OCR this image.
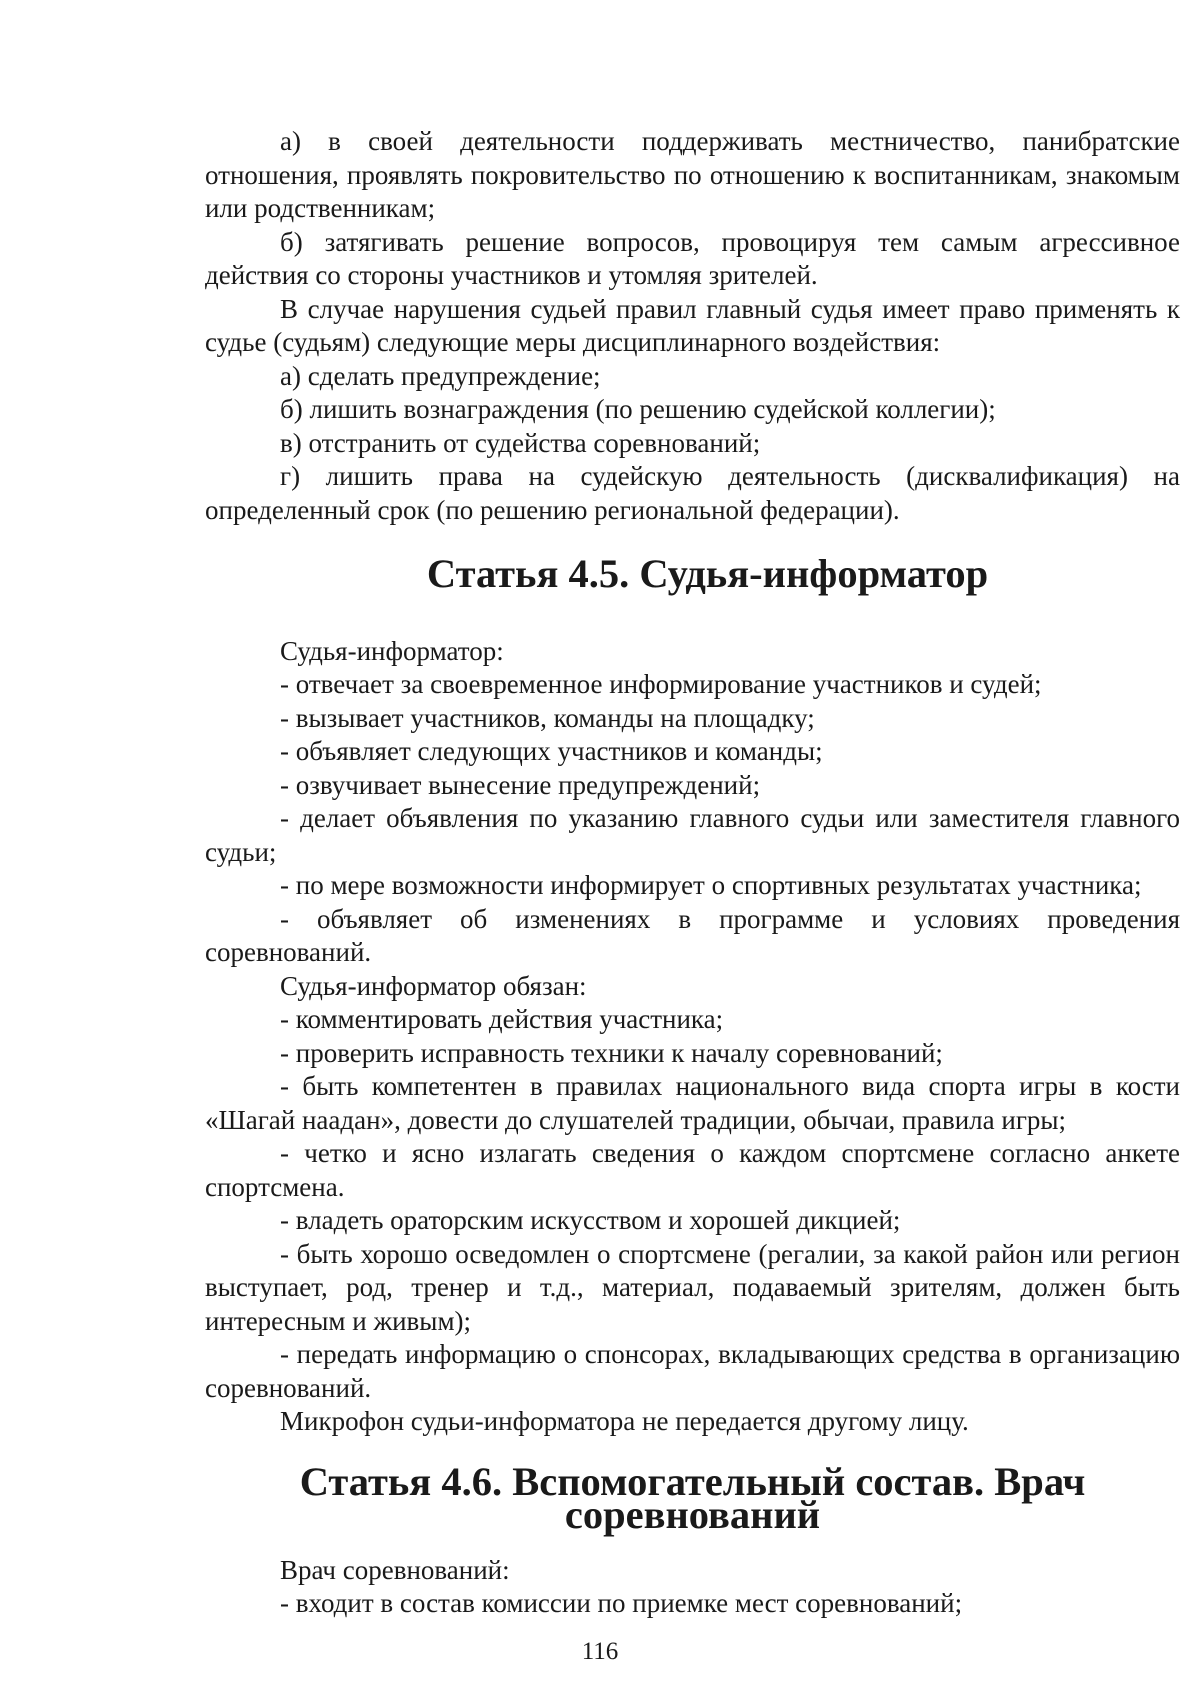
а) в своей деятельности поддерживать местничество, панибратские отношения, проявлять покровительство по отношению к воспитанникам, знакомым или родственникам;

б) затягивать решение вопросов, провоцируя тем самым агрессивное действия со стороны участников и утомляя зрителей.

В случае нарушения судьей правил главный судья имеет право применять к судье (судьям) следующие меры дисциплинарного воздействия:

а) сделать предупреждение;

б) лишить вознаграждения (по решению судейской коллегии);

в) отстранить от судейства соревнований;

г) лишить права на судейскую деятельность (дисквалификация) на определенный срок (по решению региональной федерации).

Статья 4.5. Судья-информатор

Судья-информатор:

- отвечает за своевременное информирование участников и судей;

- вызывает участников, команды на площадку;

- объявляет следующих участников и команды;

- озвучивает вынесение предупреждений;

- делает объявления по указанию главного судьи или заместителя главного судьи;

- по мере возможности информирует о спортивных результатах участника;

- объявляет об изменениях в программе и условиях проведения соревнований.

Судья-информатор обязан:

- комментировать действия участника;

- проверить исправность техники к началу соревнований;

- быть компетентен в правилах национального вида спорта игры в кости «Шагай наадан», довести до слушателей традиции, обычаи, правила игры;

- четко и ясно излагать сведения о каждом спортсмене согласно анкете спортсмена.

- владеть ораторским искусством и хорошей дикцией;

- быть хорошо осведомлен о спортсмене (регалии, за какой район или регион выступает, род, тренер и т.д., материал, подаваемый зрителям, должен быть интересным и живым);

- передать информацию о спонсорах, вкладывающих средства в организацию соревнований.

Микрофон судьи-информатора не передается другому лицу.

Статья 4.6. Вспомогательный состав. Врач соревнований

Врач соревнований:

- входит в состав комиссии по приемке мест соревнований;

116
